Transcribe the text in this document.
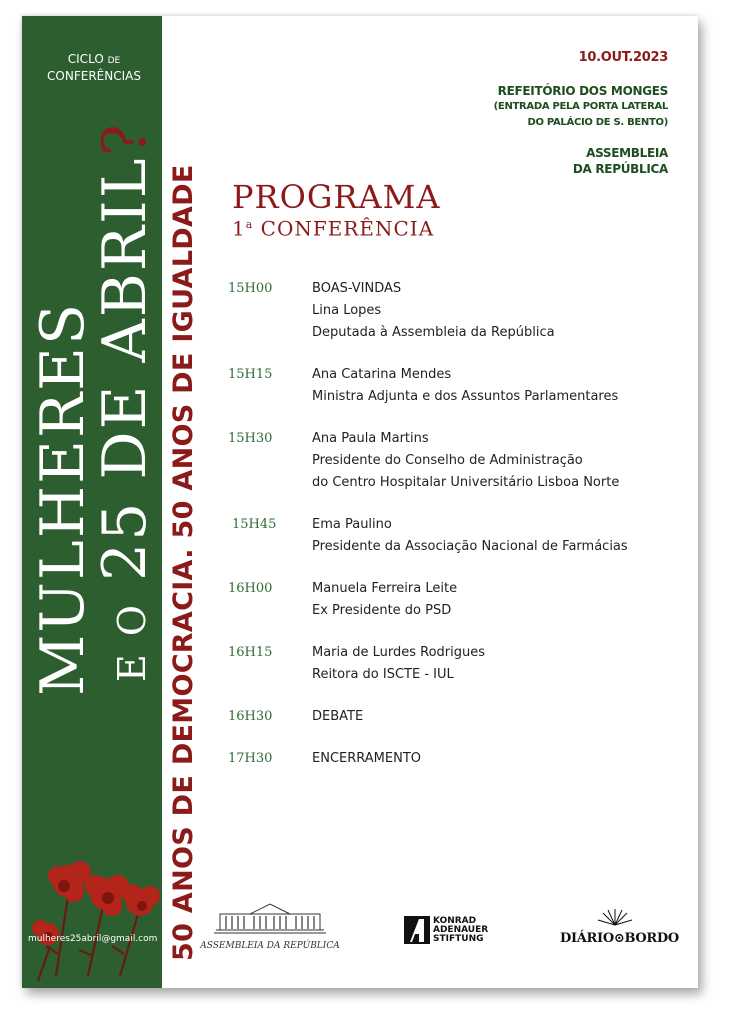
CICLO DE
CONFERÊNCIAS
MULHERES E O 25 DE ABRIL?
50 ANOS DE DEMOCRACIA. 50 ANOS DE IGUALDADE
mulheres25abril@gmail.com
10.OUT.2023
REFEITÓRIO DOS MONGES
(ENTRADA PELA PORTA LATERAL
DO PALÁCIO DE S. BENTO)
ASSEMBLEIA
DA REPÚBLICA
PROGRAMA
1$^a$ CONFERÊNCIA
15H00	BOAS-VINDAS
Lina Lopes
Deputada à Assembleia da República
15H15	Ana Catarina Mendes
Ministra Adjunta e dos Assuntos Parlamentares
15H30	Ana Paula Martins
Presidente do Conselho de Administração
do Centro Hospitalar Universitário Lisboa Norte
15H45	Ema Paulino
Presidente da Associação Nacional de Farmácias
16H00	Manuela Ferreira Leite
Ex Presidente do PSD
16H15	Maria de Lurdes Rodrigues
Reitora do ISCTE - IUL
16H30	DEBATE
17H30	ENCERRAMENTO
ASSEMBLEIA DA REPÚBLICA
KONRAD
ADENAUER
STIFTUNG	DIÁRIO⊙BORDO
